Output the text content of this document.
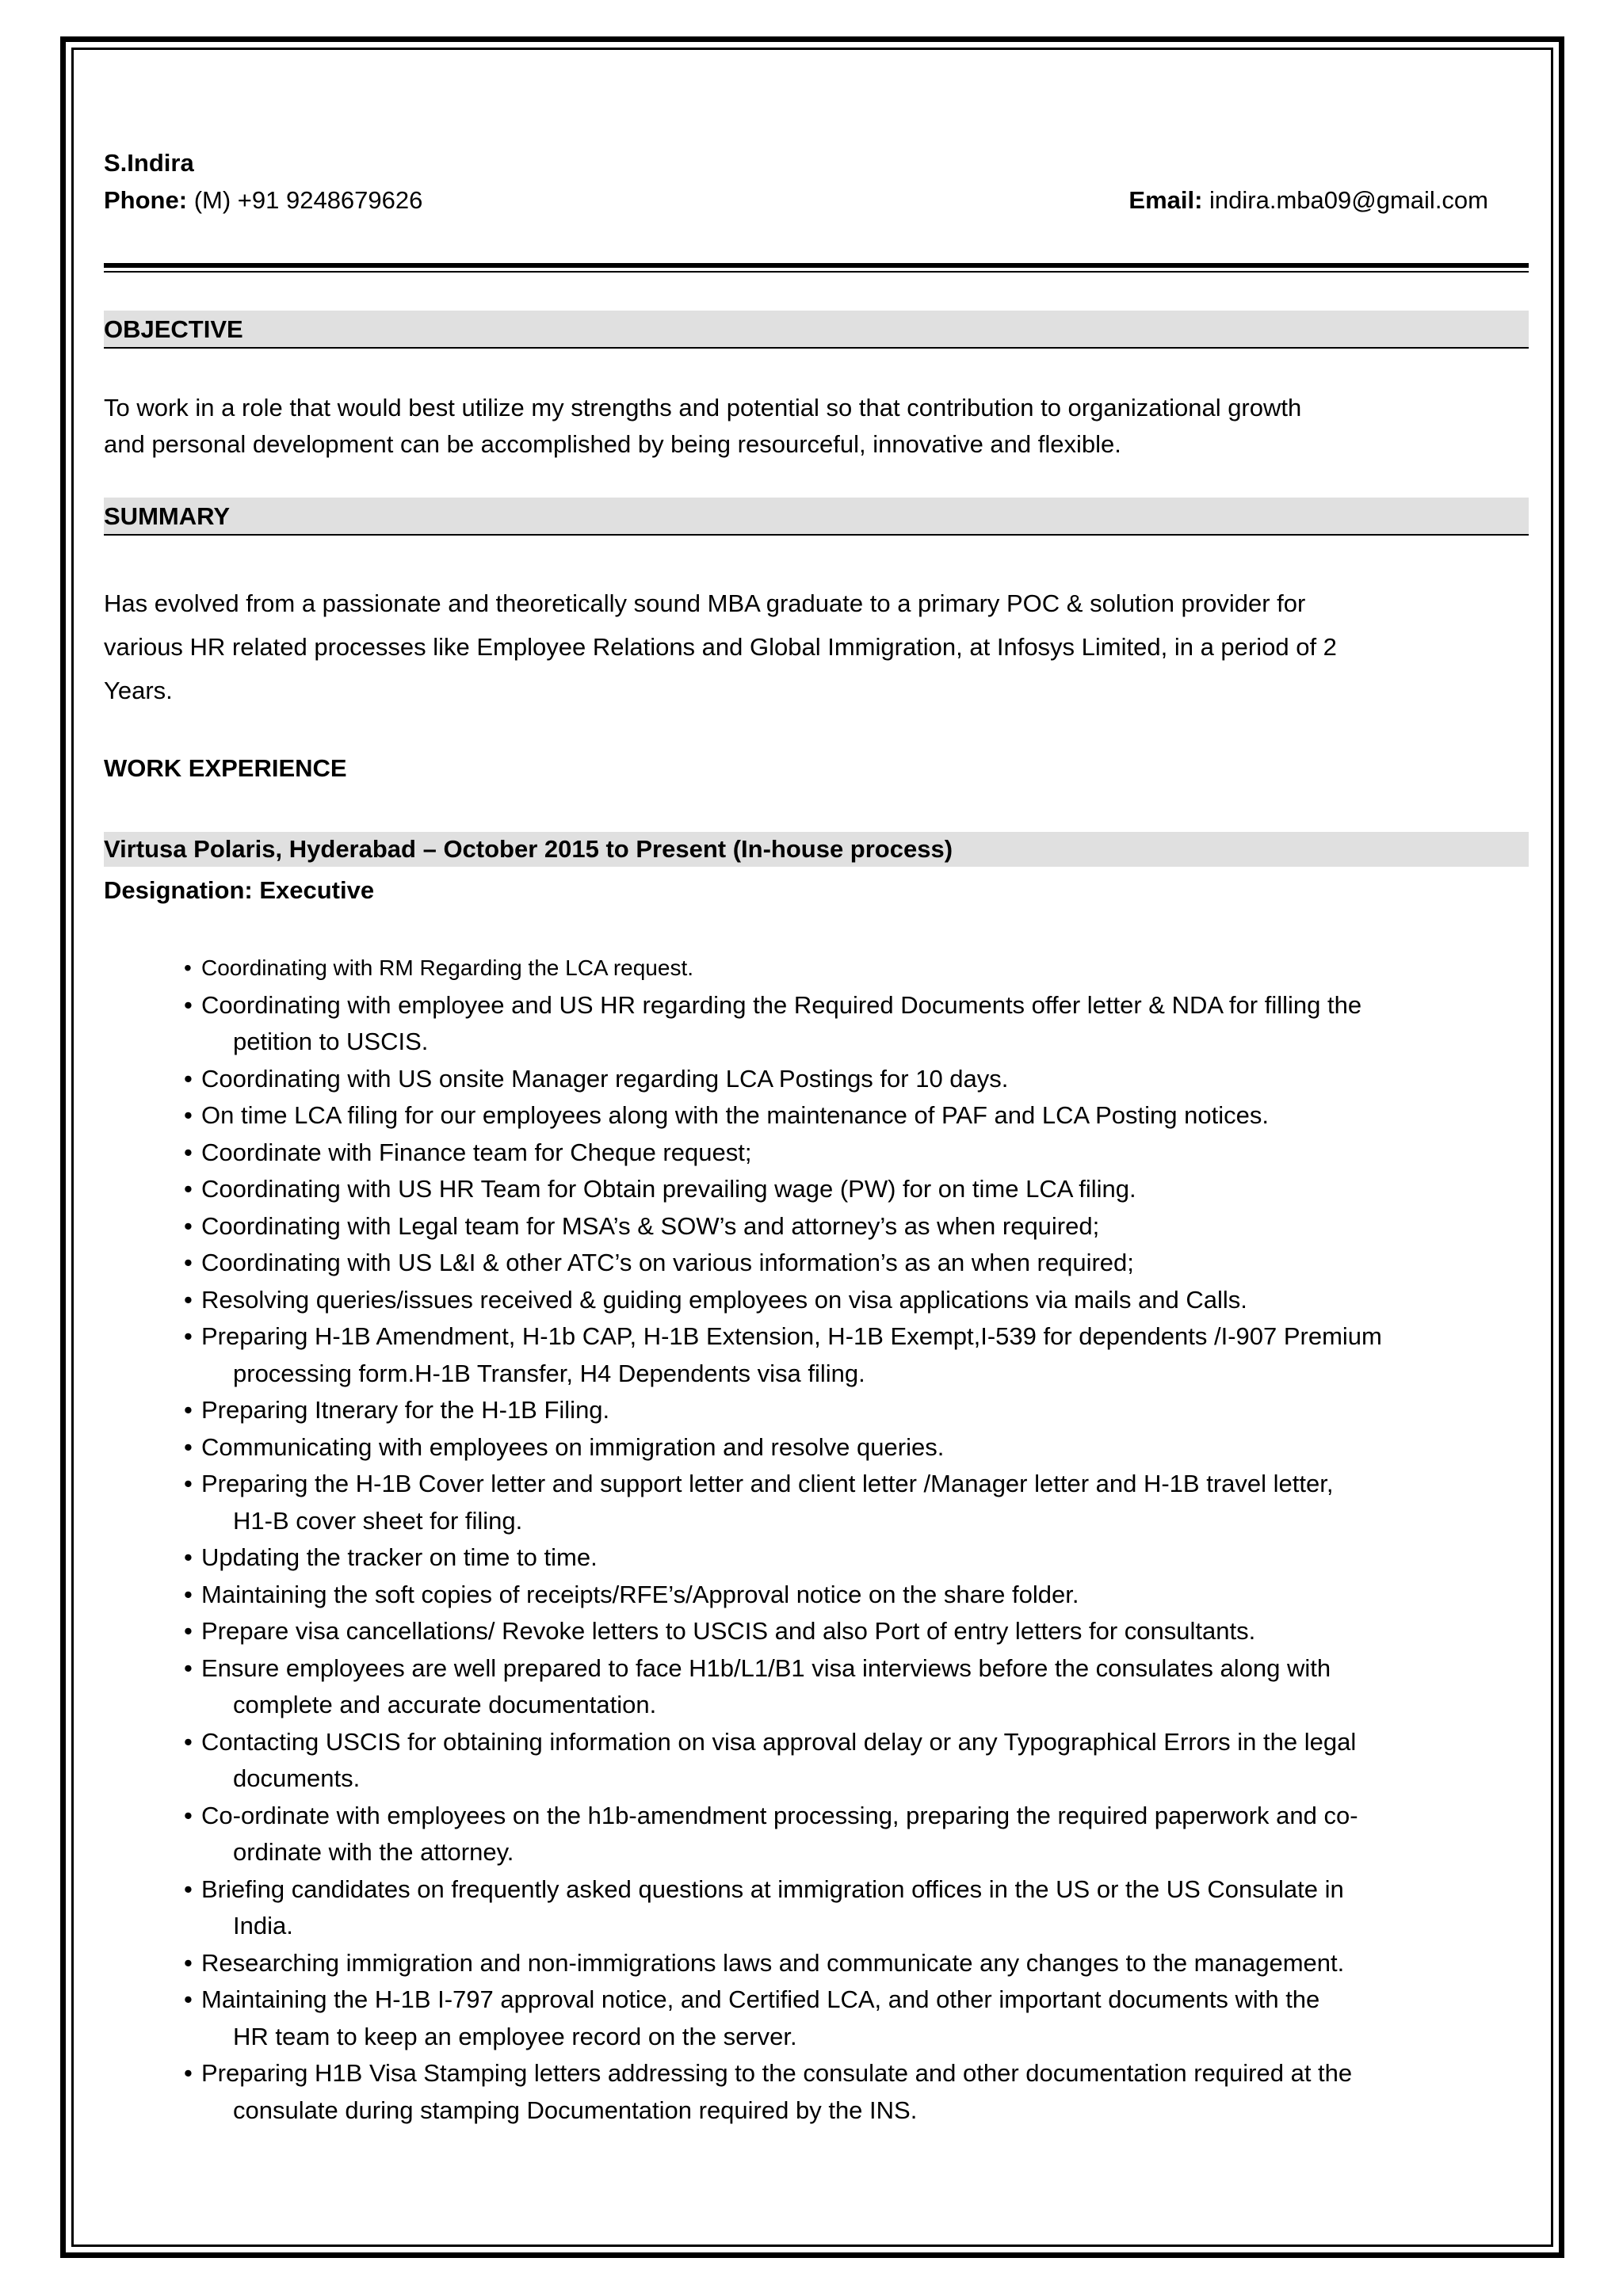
S.Indira
Phone: (M) +91 9248679626	Email: indira.mba09@gmail.com
OBJECTIVE
To work in a role that would best utilize my strengths and potential so that contribution to organizational growth
and personal development can be accomplished by being resourceful, innovative and flexible.
SUMMARY
Has evolved from a passionate and theoretically sound MBA graduate to a primary POC & solution provider for
various HR related processes like Employee Relations and Global Immigration, at Infosys Limited, in a period of 2
Years.
WORK EXPERIENCE
Virtusa Polaris, Hyderabad – October 2015 to Present (In-house process)
Designation: Executive
• Coordinating with RM Regarding the LCA request.
• Coordinating with employee and US HR regarding the Required Documents offer letter & NDA for filling the
petition to USCIS.
• Coordinating with US onsite Manager regarding LCA Postings for 10 days.
• On time LCA filing for our employees along with the maintenance of PAF and LCA Posting notices.
• Coordinate with Finance team for Cheque request;
• Coordinating with US HR Team for Obtain prevailing wage (PW) for on time LCA filing.
• Coordinating with Legal team for MSA’s & SOW’s and attorney’s as when required;
• Coordinating with US L&I & other ATC’s on various information’s as an when required;
• Resolving queries/issues received & guiding employees on visa applications via mails and Calls.
• Preparing H-1B Amendment, H-1b CAP, H-1B Extension, H-1B Exempt,I-539 for dependents /I-907 Premium
processing form.H-1B Transfer, H4 Dependents visa filing.
• Preparing Itnerary for the H-1B Filing.
• Communicating with employees on immigration and resolve queries.
• Preparing the H-1B Cover letter and support letter and client letter /Manager letter and H-1B travel letter,
H1-B cover sheet for filing.
• Updating the tracker on time to time.
• Maintaining the soft copies of receipts/RFE’s/Approval notice on the share folder.
• Prepare visa cancellations/ Revoke letters to USCIS and also Port of entry letters for consultants.
• Ensure employees are well prepared to face H1b/L1/B1 visa interviews before the consulates along with
complete and accurate documentation.
• Contacting USCIS for obtaining information on visa approval delay or any Typographical Errors in the legal
documents.
• Co-ordinate with employees on the h1b-amendment processing, preparing the required paperwork and co-
ordinate with the attorney.
• Briefing candidates on frequently asked questions at immigration offices in the US or the US Consulate in
India.
• Researching immigration and non-immigrations laws and communicate any changes to the management.
• Maintaining the H-1B I-797 approval notice, and Certified LCA, and other important documents with the
HR team to keep an employee record on the server.
• Preparing H1B Visa Stamping letters addressing to the consulate and other documentation required at the
consulate during stamping Documentation required by the INS.
